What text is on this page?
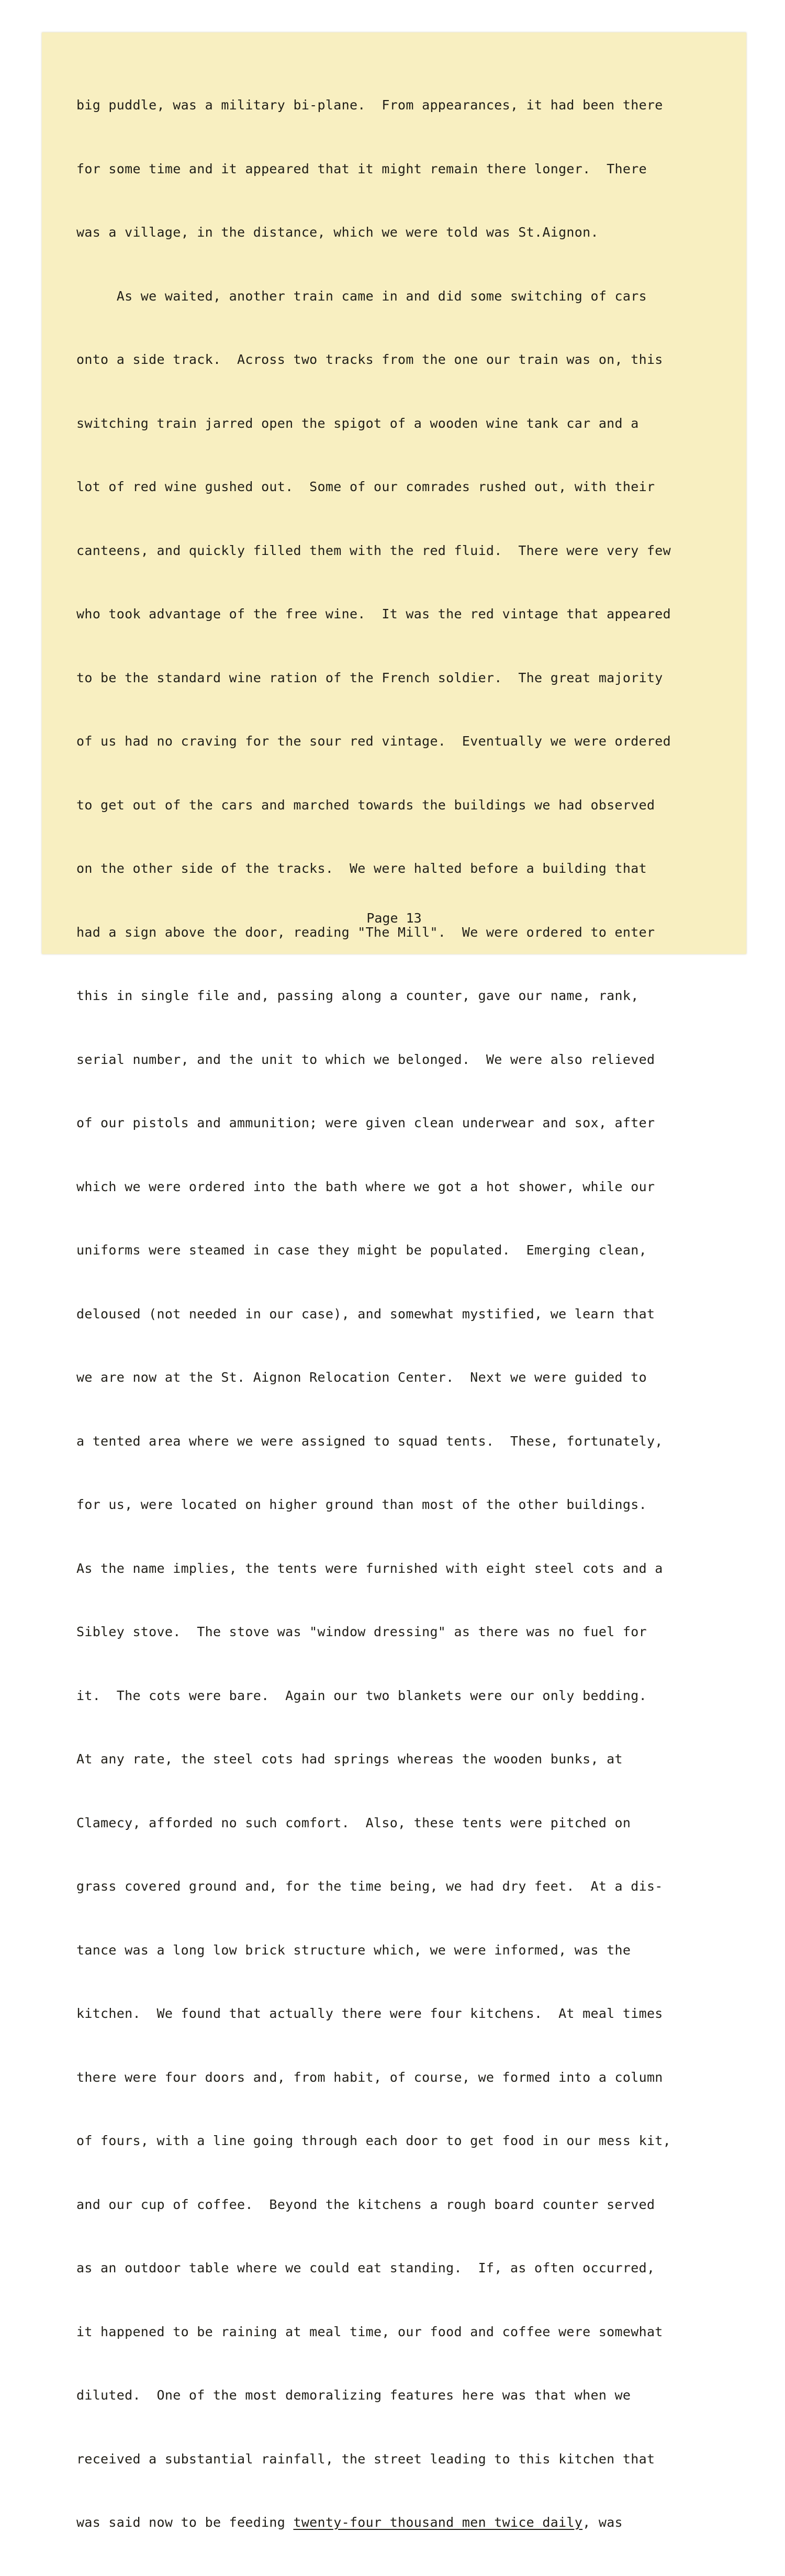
big puddle, was a military bi-plane.  From appearances, it had been there

for some time and it appeared that it might remain there longer.  There

was a village, in the distance, which we were told was St.Aignon.

As we waited, another train came in and did some switching of cars

onto a side track.  Across two tracks from the one our train was on, this

switching train jarred open the spigot of a wooden wine tank car and a

lot of red wine gushed out.  Some of our comrades rushed out, with their

canteens, and quickly filled them with the red fluid.  There were very few

who took advantage of the free wine.  It was the red vintage that appeared

to be the standard wine ration of the French soldier.  The great majority

of us had no craving for the sour red vintage.  Eventually we were ordered

to get out of the cars and marched towards the buildings we had observed

on the other side of the tracks.  We were halted before a building that

had a sign above the door, reading "The Mill".  We were ordered to enter

this in single file and, passing along a counter, gave our name, rank,

serial number, and the unit to which we belonged.  We were also relieved

of our pistols and ammunition; were given clean underwear and sox, after

which we were ordered into the bath where we got a hot shower, while our

uniforms were steamed in case they might be populated.  Emerging clean,

deloused (not needed in our case), and somewhat mystified, we learn that

we are now at the St. Aignon Relocation Center.  Next we were guided to

a tented area where we were assigned to squad tents.  These, fortunately,

for us, were located on higher ground than most of the other buildings.

As the name implies, the tents were furnished with eight steel cots and a

Sibley stove.  The stove was "window dressing" as there was no fuel for

it.  The cots were bare.  Again our two blankets were our only bedding.

At any rate, the steel cots had springs whereas the wooden bunks, at

Clamecy, afforded no such comfort.  Also, these tents were pitched on

grass covered ground and, for the time being, we had dry feet.  At a dis-

tance was a long low brick structure which, we were informed, was the

kitchen.  We found that actually there were four kitchens.  At meal times

there were four doors and, from habit, of course, we formed into a column

of fours, with a line going through each door to get food in our mess kit,

and our cup of coffee.  Beyond the kitchens a rough board counter served

as an outdoor table where we could eat standing.  If, as often occurred,

it happened to be raining at meal time, our food and coffee were somewhat

diluted.  One of the most demoralizing features here was that when we

received a substantial rainfall, the street leading to this kitchen that

was said now to be feeding twenty-four thousand men twice daily, was

Page 13
